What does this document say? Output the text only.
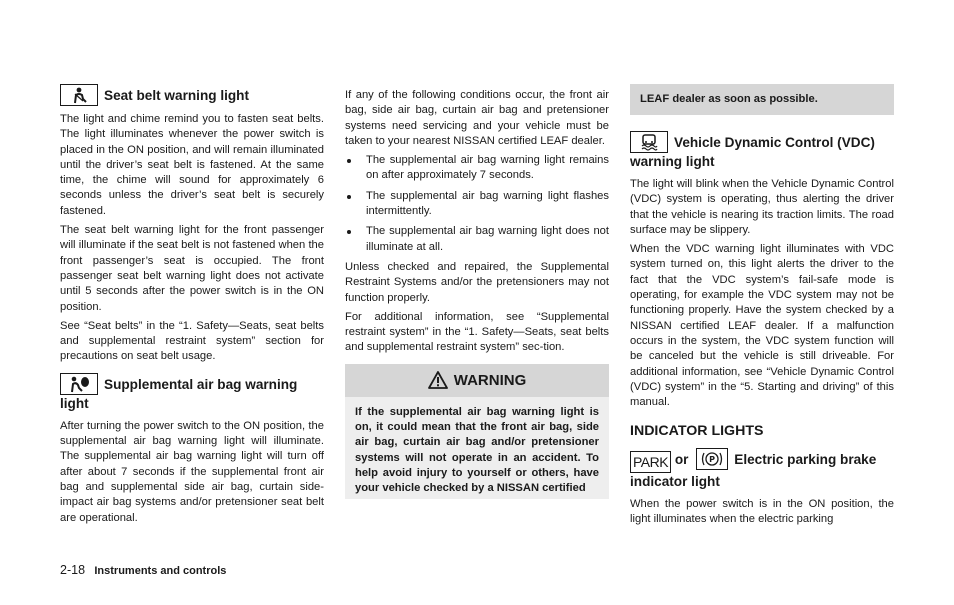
Seat belt warning light

The light and chime remind you to fasten seat belts. The light illuminates whenever the power switch is placed in the ON position, and will remain illuminated until the driver’s seat belt is fastened. At the same time, the chime will sound for approximately 6 seconds unless the driver’s seat belt is securely fastened.

The seat belt warning light for the front passenger will illuminate if the seat belt is not fastened when the front passenger’s seat is occupied. The front passenger seat belt warning light does not activate until 5 seconds after the power switch is in the ON position.

See “Seat belts” in the “1. Safety—Seats, seat belts and supplemental restraint system” section for precautions on seat belt usage.

Supplemental air bag warning light

After turning the power switch to the ON position, the supplemental air bag warning light will illuminate. The supplemental air bag warning light will turn off after about 7 seconds if the supplemental front air bag and supplemental side air bag, curtain side-impact air bag systems and/or pretensioner seat belt are operational.

If any of the following conditions occur, the front air bag, side air bag, curtain air bag and pretensioner systems need servicing and your vehicle must be taken to your nearest NISSAN certified LEAF dealer.

The supplemental air bag warning light remains on after approximately 7 seconds.
The supplemental air bag warning light flashes intermittently.
The supplemental air bag warning light does not illuminate at all.

Unless checked and repaired, the Supplemental Restraint Systems and/or the pretensioners may not function properly.

For additional information, see “Supplemental restraint system” in the “1. Safety—Seats, seat belts and supplemental restraint system” sec-tion.

WARNING
If the supplemental air bag warning light is on, it could mean that the front air bag, side air bag, curtain air bag and/or pretensioner systems will not operate in an accident. To help avoid injury to yourself or others, have your vehicle checked by a NISSAN certified
LEAF dealer as soon as possible.
Vehicle Dynamic Control (VDC) warning light

The light will blink when the Vehicle Dynamic Control (VDC) system is operating, thus alerting the driver that the vehicle is nearing its traction limits. The road surface may be slippery.

When the VDC warning light illuminates with VDC system turned on, this light alerts the driver to the fact that the VDC system’s fail-safe mode is operating, for example the VDC system may not be functioning properly. Have the system checked by a NISSAN certified LEAF dealer. If a malfunction occurs in the system, the VDC system function will be canceled but the vehicle is still driveable. For additional information, see “Vehicle Dynamic Control (VDC) system” in the “5. Starting and driving” of this manual.

INDICATOR LIGHTS
PARK or	P Electric parking brake indicator light

When the power switch is in the ON position, the light illuminates when the electric parking

2-18 Instruments and controls
